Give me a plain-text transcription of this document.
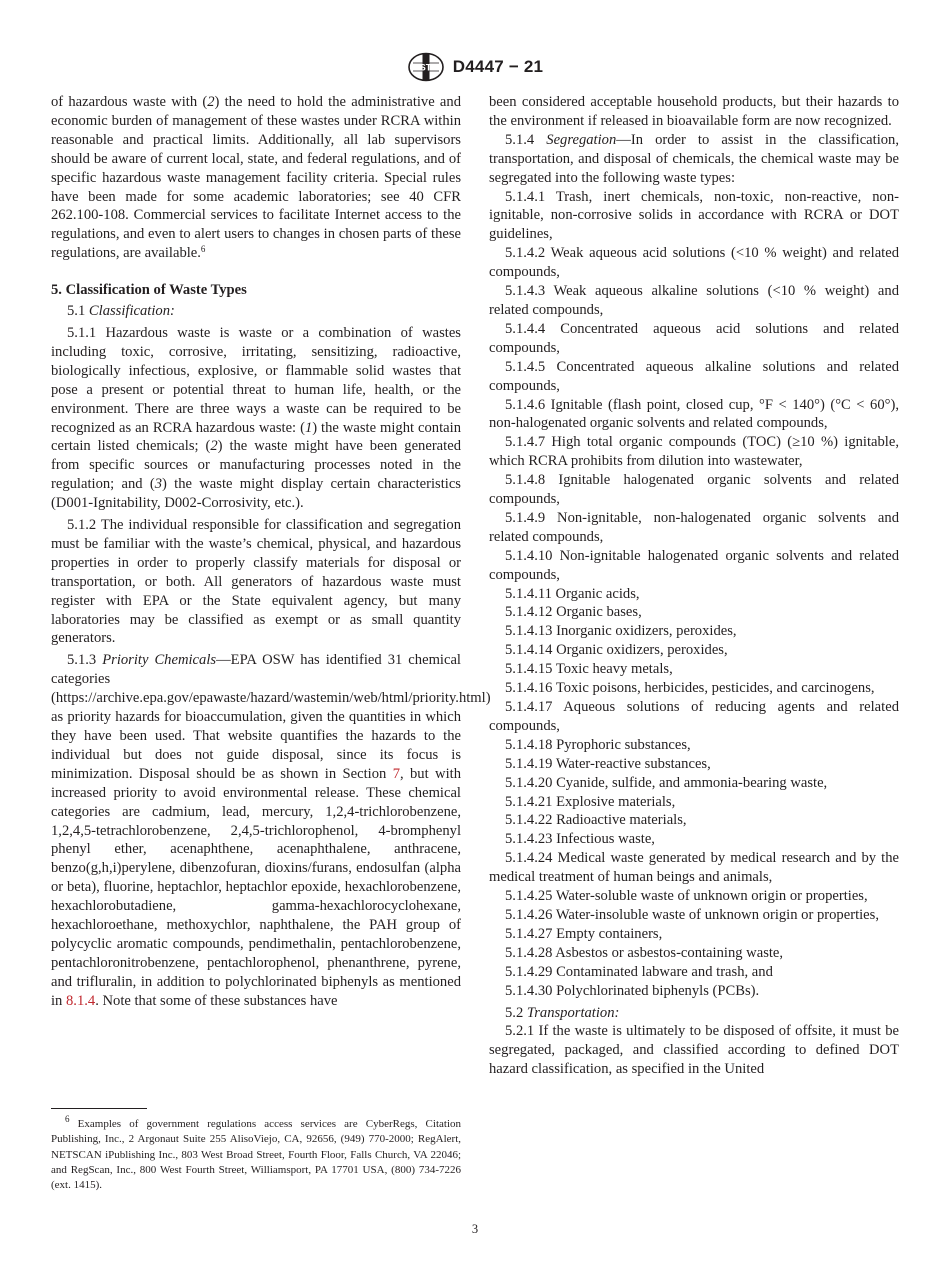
ASTM D4447 − 21

of hazardous waste with (2) the need to hold the administrative and economic burden of management of these wastes under RCRA within reasonable and practical limits. Additionally, all lab supervisors should be aware of current local, state, and federal regulations, and of specific hazardous waste management facility criteria. Special rules have been made for some academic laboratories; see 40 CFR 262.100-108. Commercial services to facilitate Internet access to the regulations, and even to alert users to changes in chosen parts of these regulations, are available.$^6$

5. Classification of Waste Types

5.1 Classification:

5.1.1 Hazardous waste is waste or a combination of wastes including toxic, corrosive, irritating, sensitizing, radioactive, biologically infectious, explosive, or flammable solid wastes that pose a present or potential threat to human life, health, or the environment. There are three ways a waste can be required to be recognized as an RCRA hazardous waste: (1) the waste might contain certain listed chemicals; (2) the waste might have been generated from specific sources or manufacturing processes noted in the regulation; and (3) the waste might display certain characteristics (D001-Ignitability, D002-Corrosivity, etc.).

5.1.2 The individual responsible for classification and segregation must be familiar with the waste’s chemical, physical, and hazardous properties in order to properly classify materials for disposal or transportation, or both. All generators of hazardous waste must register with EPA or the State equivalent agency, but many laboratories may be classified as exempt or as small quantity generators.

5.1.3 Priority Chemicals—EPA OSW has identified 31 chemical categories (https://archive.epa.gov/epawaste/hazard/wastemin/web/html/priority.html) as priority hazards for bioaccumulation, given the quantities in which they have been used. That website quantifies the hazards to the individual but does not guide disposal, since its focus is minimization. Disposal should be as shown in Section 7, but with increased priority to avoid environmental release. These chemical categories are cadmium, lead, mercury, 1,2,4-trichlorobenzene, 1,2,4,5-tetrachlorobenzene, 2,4,5-trichlorophenol, 4-bromphenyl phenyl ether, acenaphthene, acenaphthalene, anthracene, benzo(g,h,i)perylene, dibenzofuran, dioxins/furans, endosulfan (alpha or beta), fluorine, heptachlor, heptachlor epoxide, hexachlorobenzene, hexachlorobutadiene, gamma-hexachlorocyclohexane, hexachloroethane, methoxychlor, naphthalene, the PAH group of polycyclic aromatic compounds, pendimethalin, pentachlorobenzene, pentachloronitrobenzene, pentachlorophenol, phenanthrene, pyrene, and trifluralin, in addition to polychlorinated biphenyls as mentioned in 8.1.4. Note that some of these substances have

$^6$ Examples of government regulations access services are CyberRegs, Citation Publishing, Inc., 2 Argonaut Suite 255 AlisoViejo, CA, 92656, (949) 770-2000; RegAlert, NETSCAN iPublishing Inc., 803 West Broad Street, Fourth Floor, Falls Church, VA 22046; and RegScan, Inc., 800 West Fourth Street, Williamsport, PA 17701 USA, (800) 734-7226 (ext. 1415).

been considered acceptable household products, but their hazards to the environment if released in bioavailable form are now recognized.

5.1.4 Segregation—In order to assist in the classification, transportation, and disposal of chemicals, the chemical waste may be segregated into the following waste types:

5.1.4.1 Trash, inert chemicals, non-toxic, non-reactive, non-ignitable, non-corrosive solids in accordance with RCRA or DOT guidelines,

5.1.4.2 Weak aqueous acid solutions (<10 % weight) and related compounds,

5.1.4.3 Weak aqueous alkaline solutions (<10 % weight) and related compounds,

5.1.4.4 Concentrated aqueous acid solutions and related compounds,

5.1.4.5 Concentrated aqueous alkaline solutions and related compounds,

5.1.4.6 Ignitable (flash point, closed cup, °F < 140°) (°C < 60°), non-halogenated organic solvents and related compounds,

5.1.4.7 High total organic compounds (TOC) (≥10 %) ignitable, which RCRA prohibits from dilution into wastewater,

5.1.4.8 Ignitable halogenated organic solvents and related compounds,

5.1.4.9 Non-ignitable, non-halogenated organic solvents and related compounds,

5.1.4.10 Non-ignitable halogenated organic solvents and related compounds,

5.1.4.11 Organic acids,

5.1.4.12 Organic bases,

5.1.4.13 Inorganic oxidizers, peroxides,

5.1.4.14 Organic oxidizers, peroxides,

5.1.4.15 Toxic heavy metals,

5.1.4.16 Toxic poisons, herbicides, pesticides, and carcinogens,

5.1.4.17 Aqueous solutions of reducing agents and related compounds,

5.1.4.18 Pyrophoric substances,

5.1.4.19 Water-reactive substances,

5.1.4.20 Cyanide, sulfide, and ammonia-bearing waste,

5.1.4.21 Explosive materials,

5.1.4.22 Radioactive materials,

5.1.4.23 Infectious waste,

5.1.4.24 Medical waste generated by medical research and by the medical treatment of human beings and animals,

5.1.4.25 Water-soluble waste of unknown origin or properties,

5.1.4.26 Water-insoluble waste of unknown origin or properties,

5.1.4.27 Empty containers,

5.1.4.28 Asbestos or asbestos-containing waste,

5.1.4.29 Contaminated labware and trash, and

5.1.4.30 Polychlorinated biphenyls (PCBs).

5.2 Transportation:

5.2.1 If the waste is ultimately to be disposed of offsite, it must be segregated, packaged, and classified according to defined DOT hazard classification, as specified in the United

3
